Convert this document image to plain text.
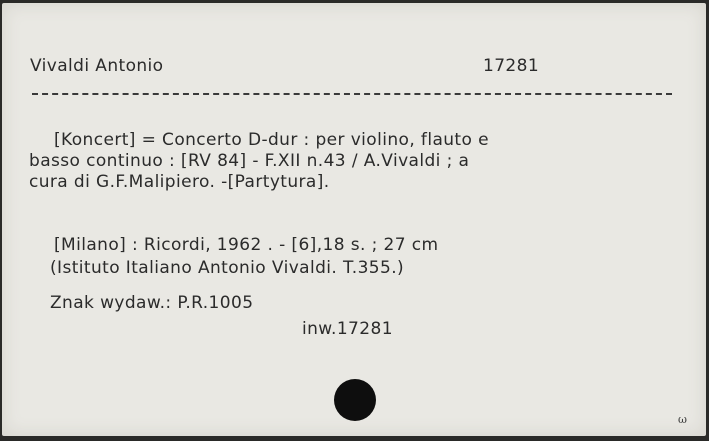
Vivaldi Antonio	17281
[Koncert] = Concerto D-dur : per violino, flauto e
basso continuo : [RV 84] - F.XII n.43 / A.Vivaldi ; a
cura di G.F.Malipiero. -[Partytura].
[Milano] : Ricordi, 1962 . - [6],18 s. ; 27 cm
(Istituto Italiano Antonio Vivaldi. T.355.)
Znak wydaw.: P.R.1005
inw.17281
ω
